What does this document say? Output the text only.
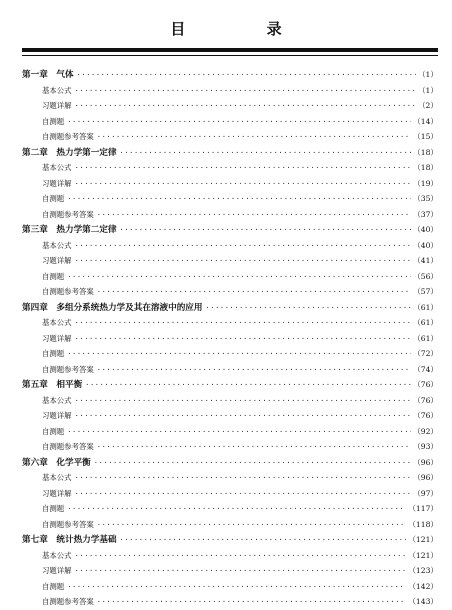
目 录
第一章　气体 ·····	（1）
基本公式 ·····	（1）
习题详解 ·····	（2）
自测题 ·····	（14）
自测题参考答案 ·····	（15）
第二章　热力学第一定律 ·····	（18）
基本公式 ·····	（18）
习题详解 ·····	（19）
自测题 ·····	（35）
自测题参考答案 ·····	（37）
第三章　热力学第二定律 ·····	（40）
基本公式 ·····	（40）
习题详解 ·····	（41）
自测题 ·····	（56）
自测题参考答案 ·····	（57）
第四章　多组分系统热力学及其在溶液中的应用 ·····	（61）
基本公式 ·····	（61）
习题详解 ·····	（61）
自测题 ·····	（72）
自测题参考答案 ·····	（74）
第五章　相平衡 ·····	（76）
基本公式 ·····	（76）
习题详解 ·····	（76）
自测题 ·····	（92）
自测题参考答案 ·····	（93）
第六章　化学平衡 ·····	（96）
基本公式 ·····	（96）
习题详解 ·····	（97）
自测题 ·····	（117）
自测题参考答案 ·····	（118）
第七章　统计热力学基础 ·····	（121）
基本公式 ·····	（121）
习题详解 ·····	（123）
自测题 ·····	（142）
自测题参考答案 ·····	（143）
